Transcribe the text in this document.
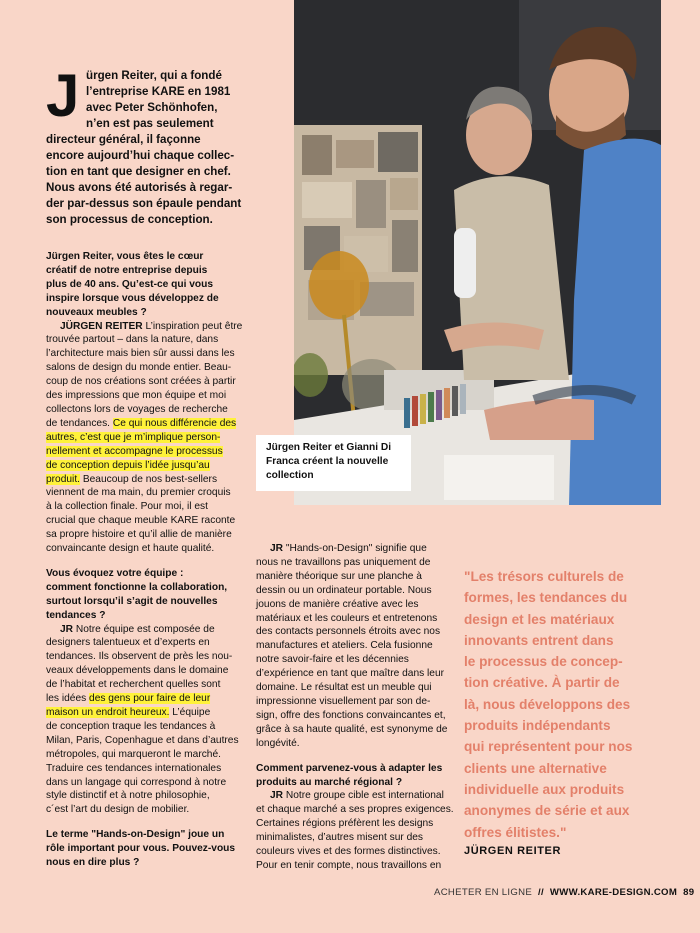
Jürgen Reiter et Gianni Di
Franca créent la nouvelle
collection
J ürgen Reiter, qui a fondé
l’entreprise KARE en 1981
avec Peter Schönhofen,
n’en est pas seulement
directeur général, il façonne
encore aujourd’hui chaque collec-
tion en tant que designer en chef.
Nous avons été autorisés à regar-
der par-dessus son épaule pendant
son processus de conception.
Jürgen Reiter, vous êtes le cœur
créatif de notre entreprise depuis
plus de 40 ans. Qu’est-ce qui vous
inspire lorsque vous développez de
nouveaux meubles ?
JÜRGEN REITER L’inspiration peut être
trouvée partout – dans la nature, dans
l’architecture mais bien sûr aussi dans les
salons de design du monde entier. Beau-
coup de nos créations sont créées à partir
des impressions que mon équipe et moi
collectons lors de voyages de recherche
de tendances. Ce qui nous différencie des
autres, c’est que je m’implique person-
nellement et accompagne le processus
de conception depuis l’idée jusqu’au
produit. Beaucoup de nos best-sellers
viennent de ma main, du premier croquis
à la collection finale. Pour moi, il est
crucial que chaque meuble KARE raconte
sa propre histoire et qu’il allie de manière
convaincante design et haute qualité.
Vous évoquez votre équipe :
comment fonctionne la collaboration,
surtout lorsqu’il s’agit de nouvelles
tendances ?
JR Notre équipe est composée de
designers talentueux et d’experts en
tendances. Ils observent de près les nou-
veaux développements dans le domaine
de l’habitat et recherchent quelles sont
les idées des gens pour faire de leur
maison un endroit heureux. L’équipe
de conception traque les tendances à
Milan, Paris, Copenhague et dans d’autres
métropoles, qui marqueront le marché.
Traduire ces tendances internationales
dans un langage qui correspond à notre
style distinctif et à notre philosophie,
c´est l’art du design de mobilier.
Le terme "Hands-on-Design" joue un
rôle important pour vous. Pouvez-vous
nous en dire plus ?
JR "Hands-on-Design" signifie que
nous ne travaillons pas uniquement de
manière théorique sur une planche à
dessin ou un ordinateur portable. Nous
jouons de manière créative avec les
matériaux et les couleurs et entretenons
des contacts personnels étroits avec nos
manufactures et ateliers. Cela fusionne
notre savoir-faire et les décennies
d’expérience en tant que maître dans leur
domaine. Le résultat est un meuble qui
impressionne visuellement par son de-
sign, offre des fonctions convaincantes et,
grâce à sa haute qualité, est synonyme de
longévité.
Comment parvenez-vous à adapter les
produits au marché régional ?
JR Notre groupe cible est international
et chaque marché a ses propres exigences.
Certaines régions préfèrent les designs
minimalistes, d’autres misent sur des
couleurs vives et des formes distinctives.
Pour en tenir compte, nous travaillons en
"Les trésors culturels de
formes, les tendances du
design et les matériaux
innovants entrent dans
le processus de concep-
tion créative. À partir de
là, nous développons des
produits indépendants
qui représentent pour nos
clients une alternative
individuelle aux produits
anonymes de série et aux
offres élitistes."
JÜRGEN REITER
ACHETER EN LIGNE // WWW.KARE-DESIGN.COM 89
